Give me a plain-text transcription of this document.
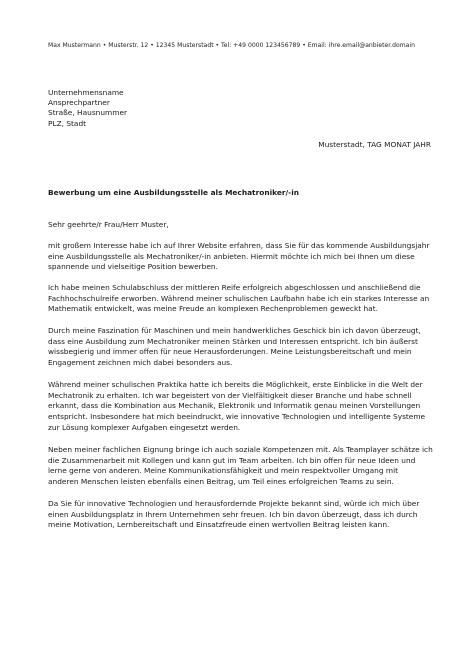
Max Mustermann • Musterstr. 12 • 12345 Musterstadt • Tel: +49 0000 123456789 • Email: ihre.email@anbieter.domain
Unternehmensname
Ansprechpartner
Straße, Hausnummer
PLZ, Stadt
Musterstadt, TAG MONAT JAHR
Bewerbung um eine Ausbildungsstelle als Mechatroniker/-in
Sehr geehrte/r Frau/Herr Muster,
mit großem Interesse habe ich auf Ihrer Website erfahren, dass Sie für das kommende Ausbildungsjahr
eine Ausbildungsstelle als Mechatroniker/-in anbieten. Hiermit möchte ich mich bei Ihnen um diese
spannende und vielseitige Position bewerben.
Ich habe meinen Schulabschluss der mittleren Reife erfolgreich abgeschlossen und anschließend die
Fachhochschulreife erworben. Während meiner schulischen Laufbahn habe ich ein starkes Interesse an
Mathematik entwickelt, was meine Freude an komplexen Rechenproblemen geweckt hat.
Durch meine Faszination für Maschinen und mein handwerkliches Geschick bin ich davon überzeugt,
dass eine Ausbildung zum Mechatroniker meinen Stärken und Interessen entspricht. Ich bin äußerst
wissbegierig und immer offen für neue Herausforderungen. Meine Leistungsbereitschaft und mein
Engagement zeichnen mich dabei besonders aus.
Während meiner schulischen Praktika hatte ich bereits die Möglichkeit, erste Einblicke in die Welt der
Mechatronik zu erhalten. Ich war begeistert von der Vielfältigkeit dieser Branche und habe schnell
erkannt, dass die Kombination aus Mechanik, Elektronik und Informatik genau meinen Vorstellungen
entspricht. Insbesondere hat mich beeindruckt, wie innovative Technologien und intelligente Systeme
zur Lösung komplexer Aufgaben eingesetzt werden.
Neben meiner fachlichen Eignung bringe ich auch soziale Kompetenzen mit. Als Teamplayer schätze ich
die Zusammenarbeit mit Kollegen und kann gut im Team arbeiten. Ich bin offen für neue Ideen und
lerne gerne von anderen. Meine Kommunikationsfähigkeit und mein respektvoller Umgang mit
anderen Menschen leisten ebenfalls einen Beitrag, um Teil eines erfolgreichen Teams zu sein.
Da Sie für innovative Technologien und herausfordernde Projekte bekannt sind, würde ich mich über
einen Ausbildungsplatz in Ihrem Unternehmen sehr freuen. Ich bin davon überzeugt, dass ich durch
meine Motivation, Lernbereitschaft und Einsatzfreude einen wertvollen Beitrag leisten kann.
